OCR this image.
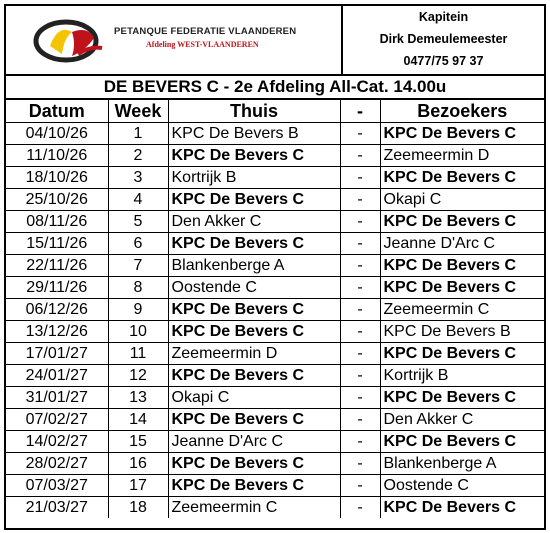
PETANQUE FEDERATIE VLAANDEREN
Afdeling WEST-VLAANDEREN
Kapitein
Dirk Demeulemeester
0477/75 97 37
DE BEVERS C - 2e Afdeling All-Cat. 14.00u
Datum	Week	Thuis	-	Bezoekers
04/10/26	1	KPC De Bevers B	-	KPC De Bevers C
11/10/26	2	KPC De Bevers C	-	Zeemeermin D
18/10/26	3	Kortrijk B	-	KPC De Bevers C
25/10/26	4	KPC De Bevers C	-	Okapi C
08/11/26	5	Den Akker C	-	KPC De Bevers C
15/11/26	6	KPC De Bevers C	-	Jeanne D'Arc C
22/11/26	7	Blankenberge A	-	KPC De Bevers C
29/11/26	8	Oostende C	-	KPC De Bevers C
06/12/26	9	KPC De Bevers C	-	Zeemeermin C
13/12/26	10	KPC De Bevers C	-	KPC De Bevers B
17/01/27	11	Zeemeermin D	-	KPC De Bevers C
24/01/27	12	KPC De Bevers C	-	Kortrijk B
31/01/27	13	Okapi C	-	KPC De Bevers C
07/02/27	14	KPC De Bevers C	-	Den Akker C
14/02/27	15	Jeanne D'Arc C	-	KPC De Bevers C
28/02/27	16	KPC De Bevers C	-	Blankenberge A
07/03/27	17	KPC De Bevers C	-	Oostende C
21/03/27	18	Zeemeermin C	-	KPC De Bevers C
